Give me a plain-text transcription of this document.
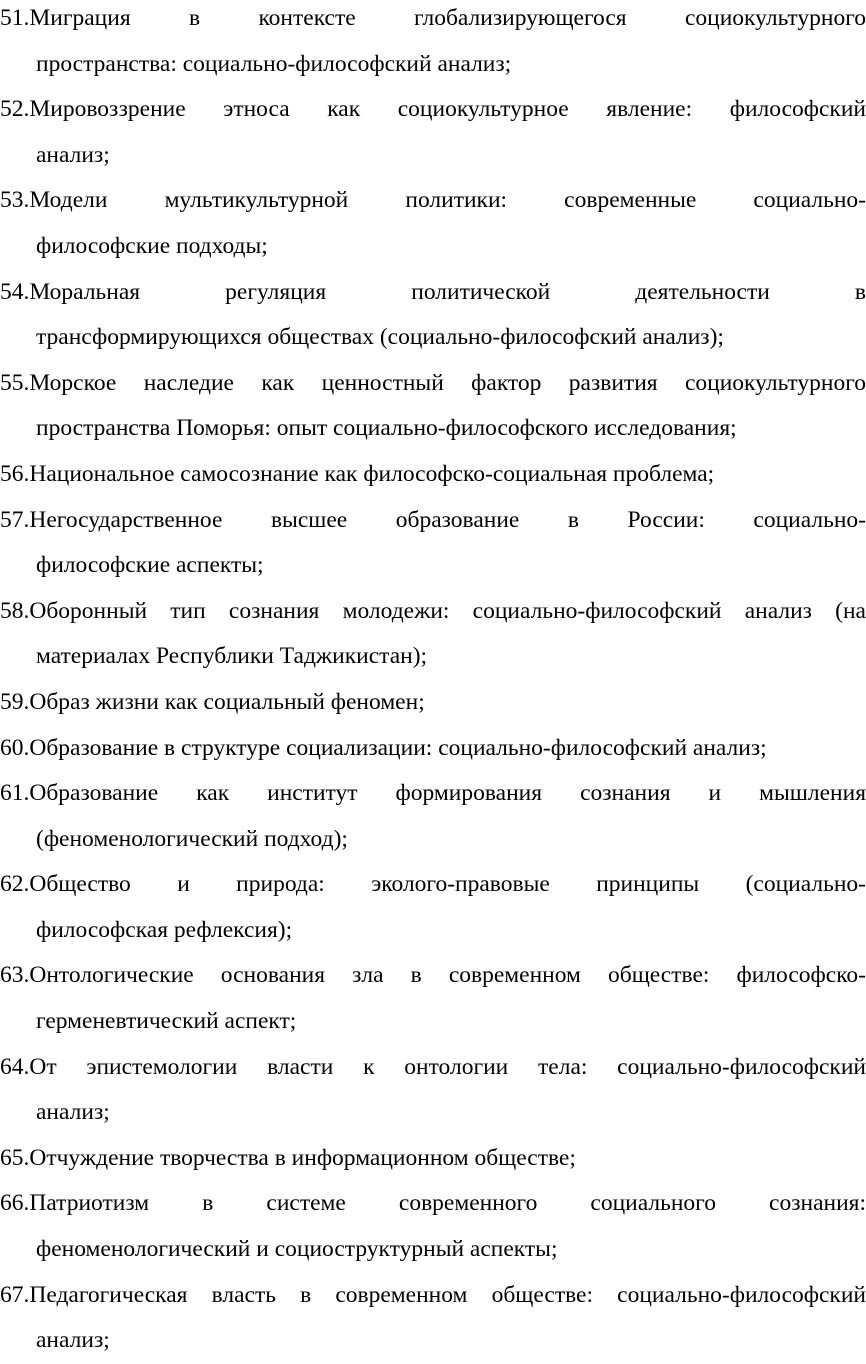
51.Миграция в контексте глобализирующегося социокультурного
пространства: социально-философский анализ;

52.Мировоззрение этноса как социокультурное явление: философский
анализ;

53.Модели мультикультурной политики: современные социально-
философские подходы;

54.Моральная регуляция политической деятельности в
трансформирующихся обществах (социально-философский анализ);

55.Морское наследие как ценностный фактор развития социокультурного
пространства Поморья: опыт социально-философского исследования;

56.Национальное самосознание как философско-социальная проблема;

57.Негосударственное высшее образование в России: социально-
философские аспекты;

58.Оборонный тип сознания молодежи: социально-философский анализ (на
материалах Республики Таджикистан);

59.Образ жизни как социальный феномен;

60.Образование в структуре социализации: социально-философский анализ;

61.Образование как институт формирования сознания и мышления
(феноменологический подход);

62.Общество и природа: эколого-правовые принципы (социально-
философская рефлексия);

63.Онтологические основания зла в современном обществе: философско-
герменевтический аспект;

64.От эпистемологии власти к онтологии тела: социально-философский
анализ;

65.Отчуждение творчества в информационном обществе;

66.Патриотизм в системе современного социального сознания:
феноменологический и социоструктурный аспекты;

67.Педагогическая власть в современном обществе: социально-философский
анализ;
